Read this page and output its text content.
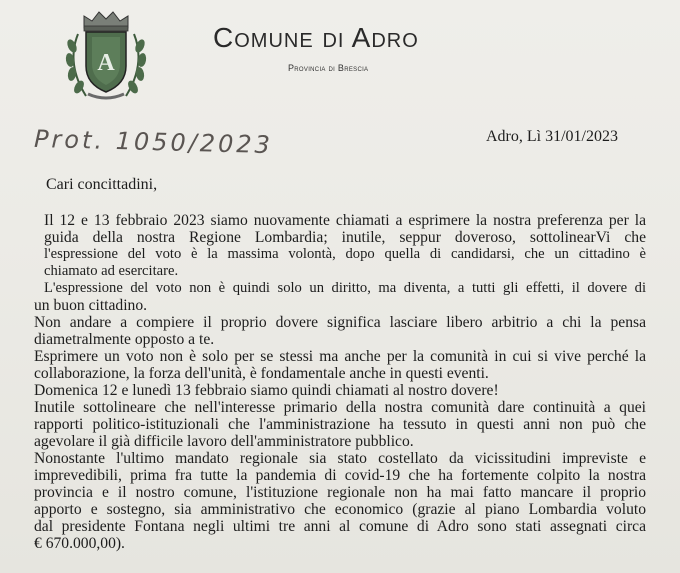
A
Comune di Adro
Provincia di Brescia
Prot. 1050/2023	Adro, Lì 31/01/2023
Cari concittadini,
Il 12 e 13 febbraio 2023 siamo nuovamente chiamati a esprimere la nostra preferenza per la
guida della nostra Regione Lombardia; inutile, seppur doveroso, sottolinearVi che
l'espressione del voto è la massima volontà, dopo quella di candidarsi, che un cittadino è
chiamato ad esercitare.
L'espressione del voto non è quindi solo un diritto, ma diventa, a tutti gli effetti, il dovere di
un buon cittadino.
Non andare a compiere il proprio dovere significa lasciare libero arbitrio a chi la pensa
diametralmente opposto a te.
Esprimere un voto non è solo per se stessi ma anche per la comunità in cui si vive perché la
collaborazione, la forza dell'unità, è fondamentale anche in questi eventi.
Domenica 12 e lunedì 13 febbraio siamo quindi chiamati al nostro dovere!
Inutile sottolineare che nell'interesse primario della nostra comunità dare continuità a quei
rapporti politico-istituzionali che l'amministrazione ha tessuto in questi anni non può che
agevolare il già difficile lavoro dell'amministratore pubblico.
Nonostante l'ultimo mandato regionale sia stato costellato da vicissitudini impreviste e
imprevedibili, prima fra tutte la pandemia di covid-19 che ha fortemente colpito la nostra
provincia e il nostro comune, l'istituzione regionale non ha mai fatto mancare il proprio
apporto e sostegno, sia amministrativo che economico (grazie al piano Lombardia voluto
dal presidente Fontana negli ultimi tre anni al comune di Adro sono stati assegnati circa
€ 670.000,00).
